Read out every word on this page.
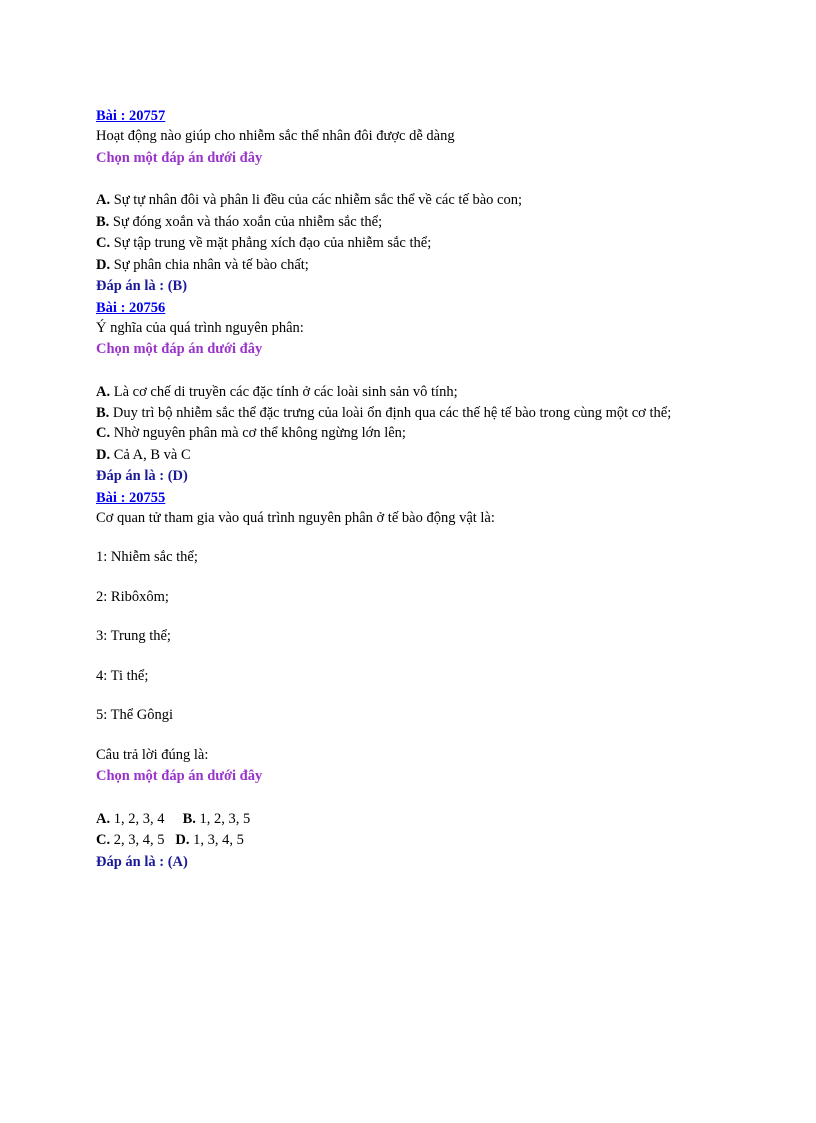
Bài : 20757

Hoạt động nào giúp cho nhiễm sắc thể nhân đôi được dễ dàng

Chọn một đáp án dưới đây

A. Sự tự nhân đôi và phân li đều của các nhiễm sắc thể về các tế bào con;

B. Sự đóng xoắn và tháo xoắn của nhiễm sắc thể;

C. Sự tập trung về mặt phẳng xích đạo của nhiễm sắc thể;

D. Sự phân chia nhân và tế bào chất;

Đáp án là : (B)

Bài : 20756

Ý nghĩa của quá trình nguyên phân:

Chọn một đáp án dưới đây

A. Là cơ chế di truyền các đặc tính ở các loài sinh sản vô tính;

B. Duy trì bộ nhiễm sắc thể đặc trưng của loài ổn định qua các thế hệ tế bào trong cùng một cơ thể;

C. Nhờ nguyên phân mà cơ thể không ngừng lớn lên;

D. Cả A, B và C

Đáp án là : (D)

Bài : 20755

Cơ quan tử tham gia vào quá trình nguyên phân ở tế bào động vật là:

1: Nhiễm sắc thể;

2: Ribôxôm;

3: Trung thể;

4: Ti thể;

5: Thể Gôngi

Câu trả lời đúng là:

Chọn một đáp án dưới đây

A. 1, 2, 3, 4 B. 1, 2, 3, 5

C. 2, 3, 4, 5 D. 1, 3, 4, 5

Đáp án là : (A)
